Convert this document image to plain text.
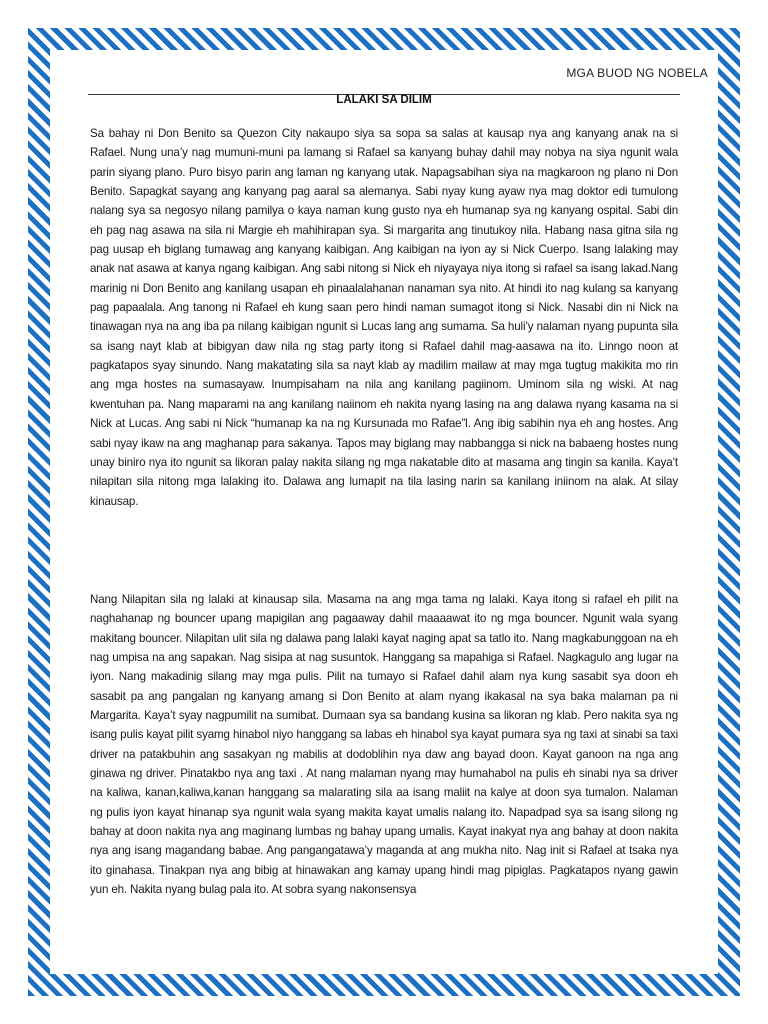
MGA BUOD NG NOBELA
LALAKI SA DILIM

Sa bahay ni Don Benito sa Quezon City nakaupo siya sa sopa sa salas at kausap nya ang kanyang anak na si Rafael. Nung una’y nag mumuni-muni pa lamang si Rafael sa kanyang buhay dahil may nobya na siya ngunit wala parin siyang plano. Puro bisyo parin ang laman ng kanyang utak. Napagsabihan siya na magkaroon ng plano ni Don Benito. Sapagkat sayang ang kanyang pag aaral sa alemanya. Sabi nyay kung ayaw nya mag doktor edi tumulong nalang sya sa negosyo nilang pamilya o kaya naman kung gusto nya eh humanap sya ng kanyang ospital. Sabi din eh pag nag asawa na sila ni Margie eh mahihirapan sya. Si margarita ang tinutukoy nila. Habang nasa gitna sila ng pag uusap eh biglang tumawag ang kanyang kaibigan. Ang kaibigan na iyon ay si Nick Cuerpo. Isang lalaking may anak nat asawa at kanya ngang kaibigan. Ang sabi nitong si Nick eh niyayaya niya itong si rafael sa isang lakad.Nang marinig ni Don Benito ang kanilang usapan eh pinaalalahanan nanaman sya nito. At hindi ito nag kulang sa kanyang pag papaalala. Ang tanong ni Rafael eh kung saan pero hindi naman sumagot itong si Nick. Nasabi din ni Nick na tinawagan nya na ang iba pa nilang kaibigan ngunit si Lucas lang ang sumama. Sa huli’y nalaman nyang pupunta sila sa isang nayt klab at bibigyan daw nila ng stag party itong si Rafael dahil mag-aasawa na ito. Linngo noon at pagkatapos syay sinundo. Nang makatating sila sa nayt klab ay madilim mailaw at may mga tugtug makikita mo rin ang mga hostes na sumasayaw. Inumpisaham na nila ang kanilang pagiinom. Uminom sila ng wiski. At nag kwentuhan pa. Nang maparami na ang kanilang naiinom eh nakita nyang lasing na ang dalawa nyang kasama na si Nick at Lucas. Ang sabi ni Nick “humanap ka na ng Kursunada mo Rafae”l. Ang ibig sabihin nya eh ang hostes. Ang sabi nyay ikaw na ang maghanap para sakanya. Tapos may biglang may nabbangga si nick na babaeng hostes nung unay biniro nya ito ngunit sa likoran palay nakita silang ng mga nakatable dito at masama ang tingin sa kanila. Kaya’t nilapitan sila nitong mga lalaking ito. Dalawa ang lumapit na tila lasing narin sa kanilang iniinom na alak. At silay kinausap.

Nang Nilapitan sila ng lalaki at kinausap sila. Masama na ang mga tama ng lalaki. Kaya itong si rafael eh pilit na naghahanap ng bouncer upang mapigilan ang pagaaway dahil maaaawat ito ng mga bouncer. Ngunit wala syang makitang bouncer. Nilapitan ulit sila ng dalawa pang lalaki kayat naging apat sa tatlo ito. Nang magkabunggoan na eh nag umpisa na ang sapakan. Nag sisipa at nag susuntok. Hanggang sa mapahiga si Rafael. Nagkagulo ang lugar na iyon. Nang makadinig silang may mga pulis. Pilit na tumayo si Rafael dahil alam nya kung sasabit sya doon eh sasabit pa ang pangalan ng kanyang amang si Don Benito at alam nyang ikakasal na sya baka malaman pa ni Margarita. Kaya’t syay nagpumilit na sumibat. Dumaan sya sa bandang kusina sa likoran ng klab. Pero nakita sya ng isang pulis kayat pilit syamg hinabol niyo hanggang sa labas eh hinabol sya kayat pumara sya ng taxi at sinabi sa taxi driver na patakbuhin ang sasakyan ng mabilis at dodoblihin nya daw ang bayad doon. Kayat ganoon na nga ang ginawa ng driver. Pinatakbo nya ang taxi . At nang malaman nyang may humahabol na pulis eh sinabi nya sa driver na kaliwa, kanan,kaliwa,kanan hanggang sa malarating sila aa isang maliit na kalye at doon sya tumalon. Nalaman ng pulis iyon kayat hinanap sya ngunit wala syang makita kayat umalis nalang ito. Napadpad sya sa isang silong ng bahay at doon nakita nya ang maginang lumbas ng bahay upang umalis. Kayat inakyat nya ang bahay at doon nakita nya ang isang magandang babae. Ang pangangatawa’y maganda at ang mukha nito. Nag init si Rafael at tsaka nya ito ginahasa. Tinakpan nya ang bibig at hinawakan ang kamay upang hindi mag pipiglas. Pagkatapos nyang gawin yun eh. Nakita nyang bulag pala ito. At sobra syang nakonsensya
